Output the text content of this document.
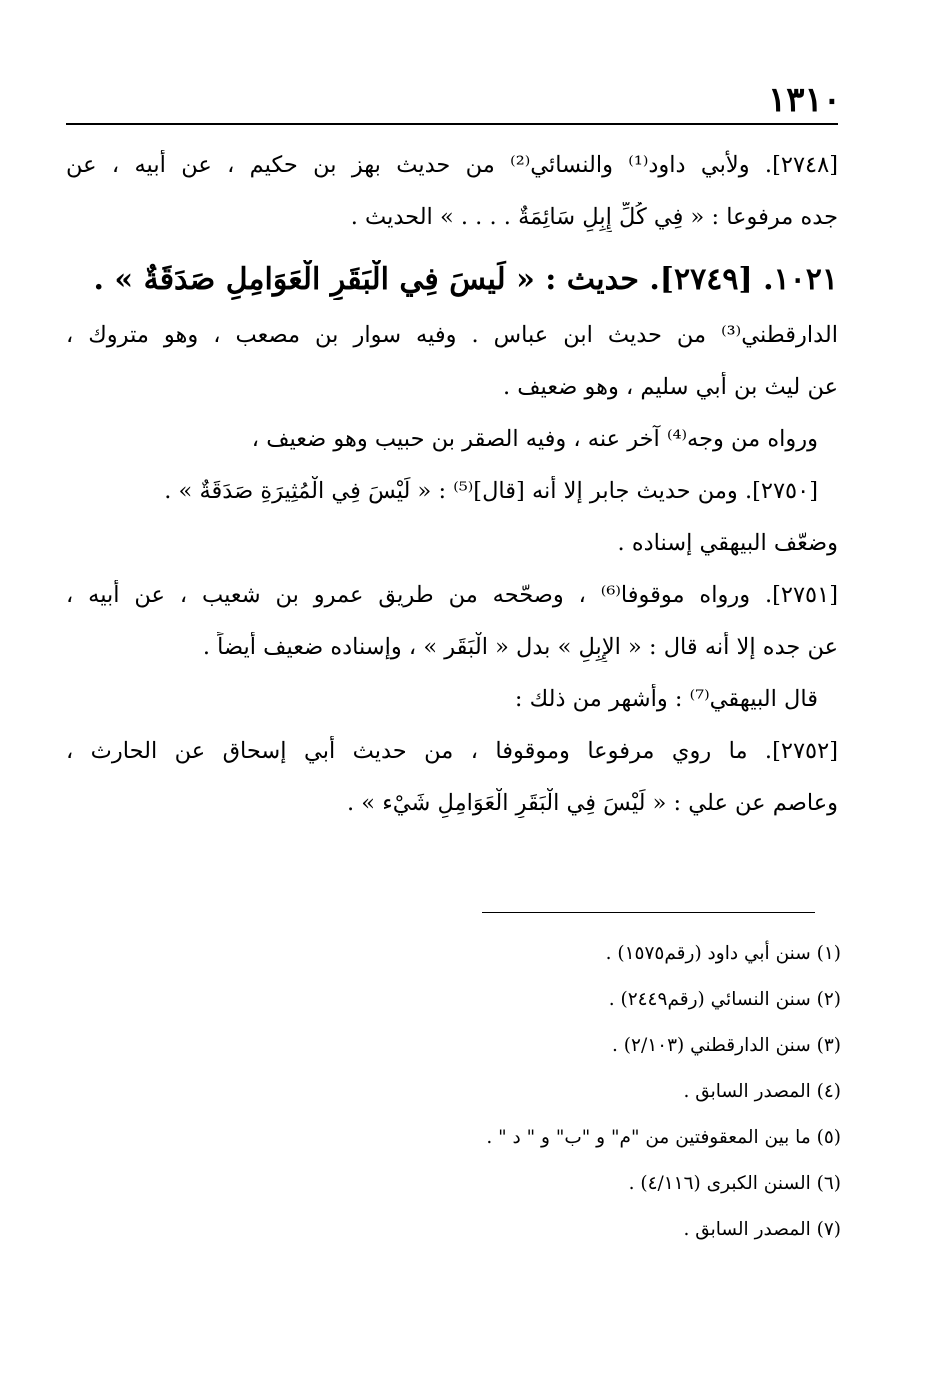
١٣١٠

[٢٧٤٨]. ولأبي داود⁽¹⁾ والنسائي⁽²⁾ من حديث بهز بن حكيم ، عن أبيه ، عن

جده مرفوعا : « فِي كُلِّ إِبِلٍ سَائِمَةٌ . . . . » الحديث .

١٠٢١. [٢٧٤٩]. حديث : « لَيسَ فِي الْبَقَرِ الْعَوَامِلِ صَدَقَةٌ » .

الدارقطني⁽³⁾ من حديث ابن عباس . وفيه سوار بن مصعب ، وهو متروك ،

عن ليث بن أبي سليم ، وهو ضعيف .

ورواه من وجه⁽⁴⁾ آخر عنه ، وفيه الصقر بن حبيب وهو ضعيف ،

[٢٧٥٠]. ومن حديث جابر إلا أنه [قال]⁽⁵⁾ : « لَيْسَ فِي الْمُثِيرَةِ صَدَقَةٌ » .

وضعّف البيهقي إسناده .

[٢٧٥١]. ورواه موقوفا⁽⁶⁾ ، وصحّحه من طريق عمرو بن شعيب ، عن أبيه ،

عن جده إلا أنه قال : « الإِبِلِ » بدل « الْبَقَر » ، وإسناده ضعيف أيضاً .

قال البيهقي⁽⁷⁾ : وأشهر من ذلك :

[٢٧٥٢]. ما روي مرفوعا وموقوفا ، من حديث أبي إسحاق عن الحارث ،

وعاصم عن علي : « لَيْسَ فِي الْبَقَرِ الْعَوَامِلِ شَيْء » .

(١) سنن أبي داود (رقم١٥٧٥) .

(٢) سنن النسائي (رقم٢٤٤٩) .

(٣) سنن الدارقطني (٢/١٠٣) .

(٤) المصدر السابق .

(٥) ما بين المعقوفتين من "م" و "ب" و " د " .

(٦) السنن الكبرى (٤/١١٦) .

(٧) المصدر السابق .
